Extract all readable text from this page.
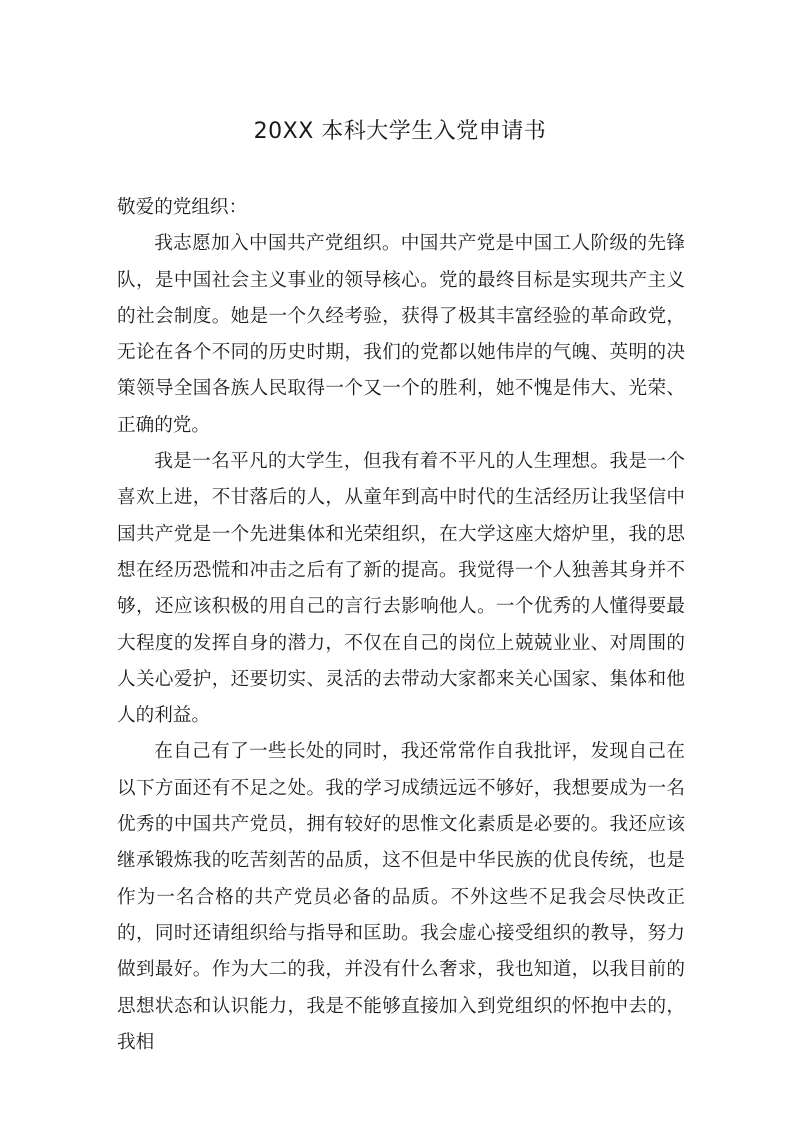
20XX 本科大学生入党申请书

敬爱的党组织：

我志愿加入中国共产党组织。中国共产党是中国工人阶级的先锋队，是中国社会主义事业的领导核心。党的最终目标是实现共产主义的社会制度。她是一个久经考验，获得了极其丰富经验的革命政党，无论在各个不同的历史时期，我们的党都以她伟岸的气魄、英明的决策领导全国各族人民取得一个又一个的胜利，她不愧是伟大、光荣、正确的党。

我是一名平凡的大学生，但我有着不平凡的人生理想。我是一个喜欢上进，不甘落后的人，从童年到高中时代的生活经历让我坚信中国共产党是一个先进集体和光荣组织，在大学这座大熔炉里，我的思想在经历恐慌和冲击之后有了新的提高。我觉得一个人独善其身并不够，还应该积极的用自己的言行去影响他人。一个优秀的人懂得要最大程度的发挥自身的潜力，不仅在自己的岗位上兢兢业业、对周围的人关心爱护，还要切实、灵活的去带动大家都来关心国家、集体和他人的利益。

在自己有了一些长处的同时，我还常常作自我批评，发现自己在以下方面还有不足之处。我的学习成绩远远不够好，我想要成为一名优秀的中国共产党员，拥有较好的思惟文化素质是必要的。我还应该继承锻炼我的吃苦刻苦的品质，这不但是中华民族的优良传统，也是作为一名合格的共产党员必备的品质。不外这些不足我会尽快改正的，同时还请组织给与指导和匡助。我会虚心接受组织的教导，努力做到最好。作为大二的我，并没有什么奢求，我也知道，以我目前的思想状态和认识能力，我是不能够直接加入到党组织的怀抱中去的，我相
